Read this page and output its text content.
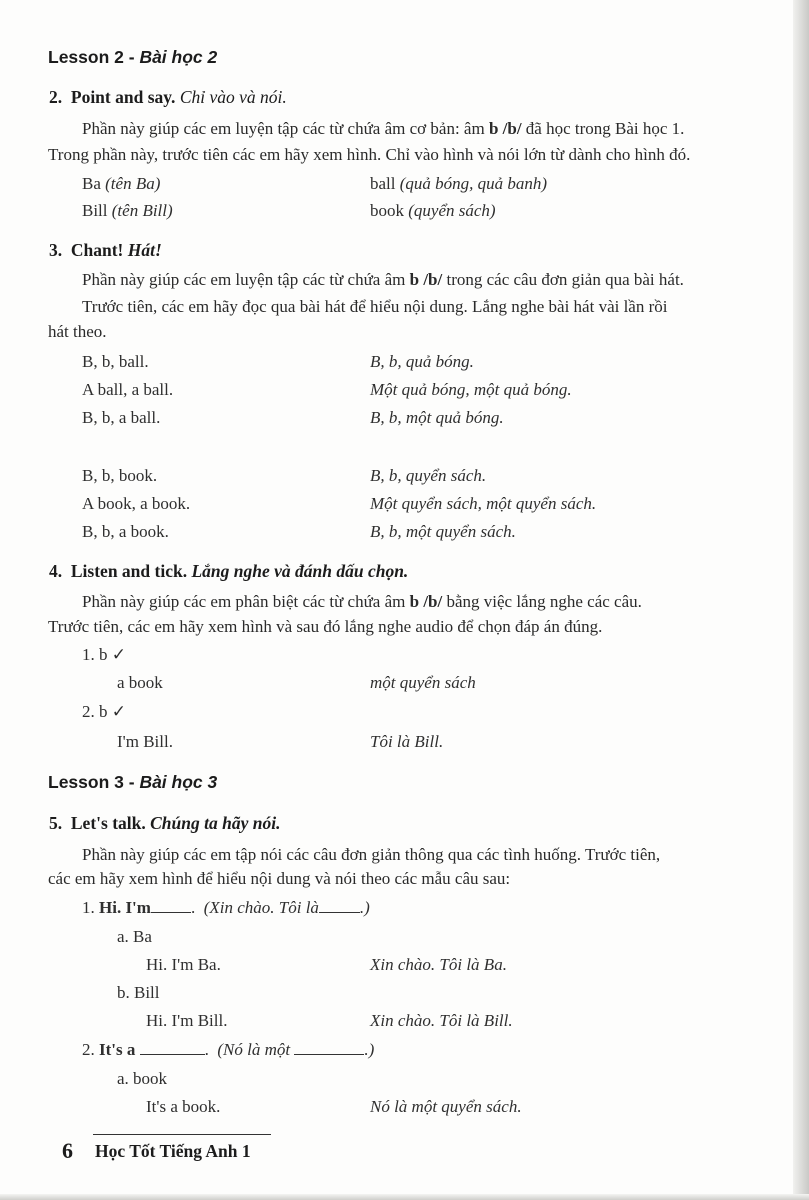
Lesson 2 - Bài học 2
2. Point and say. Chỉ vào và nói.
Phần này giúp các em luyện tập các từ chứa âm cơ bản: âm b /b/ đã học trong Bài học 1.
Trong phần này, trước tiên các em hãy xem hình. Chỉ vào hình và nói lớn từ dành cho hình đó.
Ba (tên Ba)	ball (quả bóng, quả banh)
Bill (tên Bill)	book (quyển sách)
3. Chant! Hát!
Phần này giúp các em luyện tập các từ chứa âm b /b/ trong các câu đơn giản qua bài hát.
Trước tiên, các em hãy đọc qua bài hát để hiểu nội dung. Lắng nghe bài hát vài lần rồi
hát theo.
B, b, ball.	B, b, quả bóng.
A ball, a ball.	Một quả bóng, một quả bóng.
B, b, a ball.	B, b, một quả bóng.
B, b, book.	B, b, quyển sách.
A book, a book.	Một quyển sách, một quyển sách.
B, b, a book.	B, b, một quyển sách.
4. Listen and tick. Lắng nghe và đánh dấu chọn.
Phần này giúp các em phân biệt các từ chứa âm b /b/ bằng việc lắng nghe các câu.
Trước tiên, các em hãy xem hình và sau đó lắng nghe audio để chọn đáp án đúng.
1. b ✓
a book	một quyển sách
2. b ✓
I'm Bill.	Tôi là Bill.
Lesson 3 - Bài học 3
5. Let's talk. Chúng ta hãy nói.
Phần này giúp các em tập nói các câu đơn giản thông qua các tình huống. Trước tiên,
các em hãy xem hình để hiểu nội dung và nói theo các mẫu câu sau:
1. Hi. I'm . (Xin chào. Tôi là .)
a. Ba
Hi. I'm Ba.	Xin chào. Tôi là Ba.
b. Bill
Hi. I'm Bill.	Xin chào. Tôi là Bill.
2. It's a	. (Nó là một	.)
a. book
It's a book.	Nó là một quyển sách.
6 Học Tốt Tiếng Anh 1
